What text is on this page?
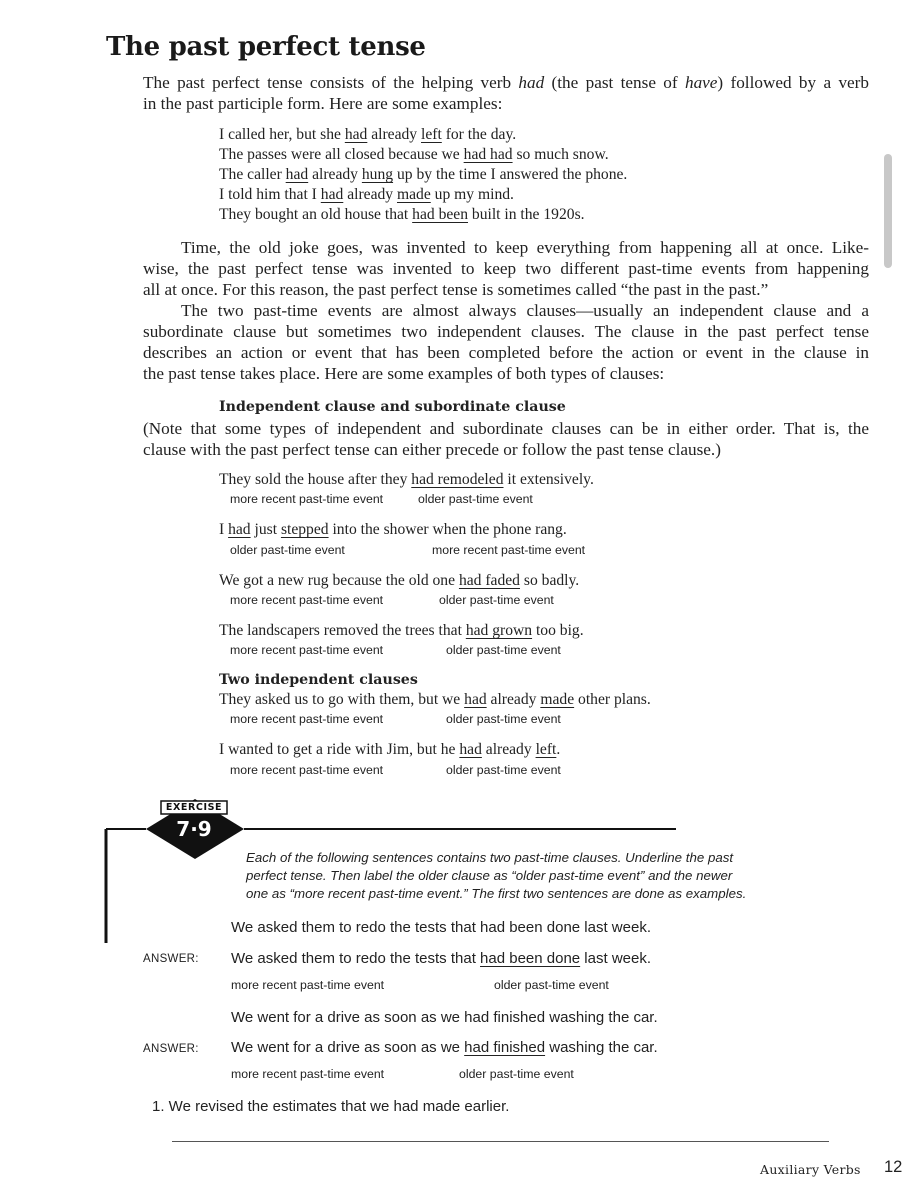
The past perfect tense
The past perfect tense consists of the helping verb had (the past tense of have) followed by a verb
in the past participle form. Here are some examples:
I called her, but she had already left for the day.
The passes were all closed because we had had so much snow.
The caller had already hung up by the time I answered the phone.
I told him that I had already made up my mind.
They bought an old house that had been built in the 1920s.
Time, the old joke goes, was invented to keep everything from happening all at once. Like-
wise, the past perfect tense was invented to keep two different past-time events from happening
all at once. For this reason, the past perfect tense is sometimes called “the past in the past.”
The two past-time events are almost always clauses—usually an independent clause and a
subordinate clause but sometimes two independent clauses. The clause in the past perfect tense
describes an action or event that has been completed before the action or event in the clause in
the past tense takes place. Here are some examples of both types of clauses:
Independent clause and subordinate clause
(Note that some types of independent and subordinate clauses can be in either order. That is, the
clause with the past perfect tense can either precede or follow the past tense clause.)
They sold the house after they had remodeled it extensively.
more recent past-time event	older past-time event
I had just stepped into the shower when the phone rang.
older past-time event	more recent past-time event
We got a new rug because the old one had faded so badly.
more recent past-time event	older past-time event
The landscapers removed the trees that had grown too big.
more recent past-time event	older past-time event
Two independent clauses
They asked us to go with them, but we had already made other plans.
more recent past-time event	older past-time event
I wanted to get a ride with Jim, but he had already left.
more recent past-time event	older past-time event
EXERCISE
7·9
Each of the following sentences contains two past-time clauses. Underline the past
perfect tense. Then label the older clause as “older past-time event” and the newer
one as “more recent past-time event.” The first two sentences are done as examples.
We asked them to redo the tests that had been done last week.
ANSWER: We asked them to redo the tests that had been done last week.
more recent past-time event	older past-time event
We went for a drive as soon as we had finished washing the car.
ANSWER: We went for a drive as soon as we had finished washing the car.
more recent past-time event	older past-time event
1. We revised the estimates that we had made earlier.
Auxiliary Verbs 12
